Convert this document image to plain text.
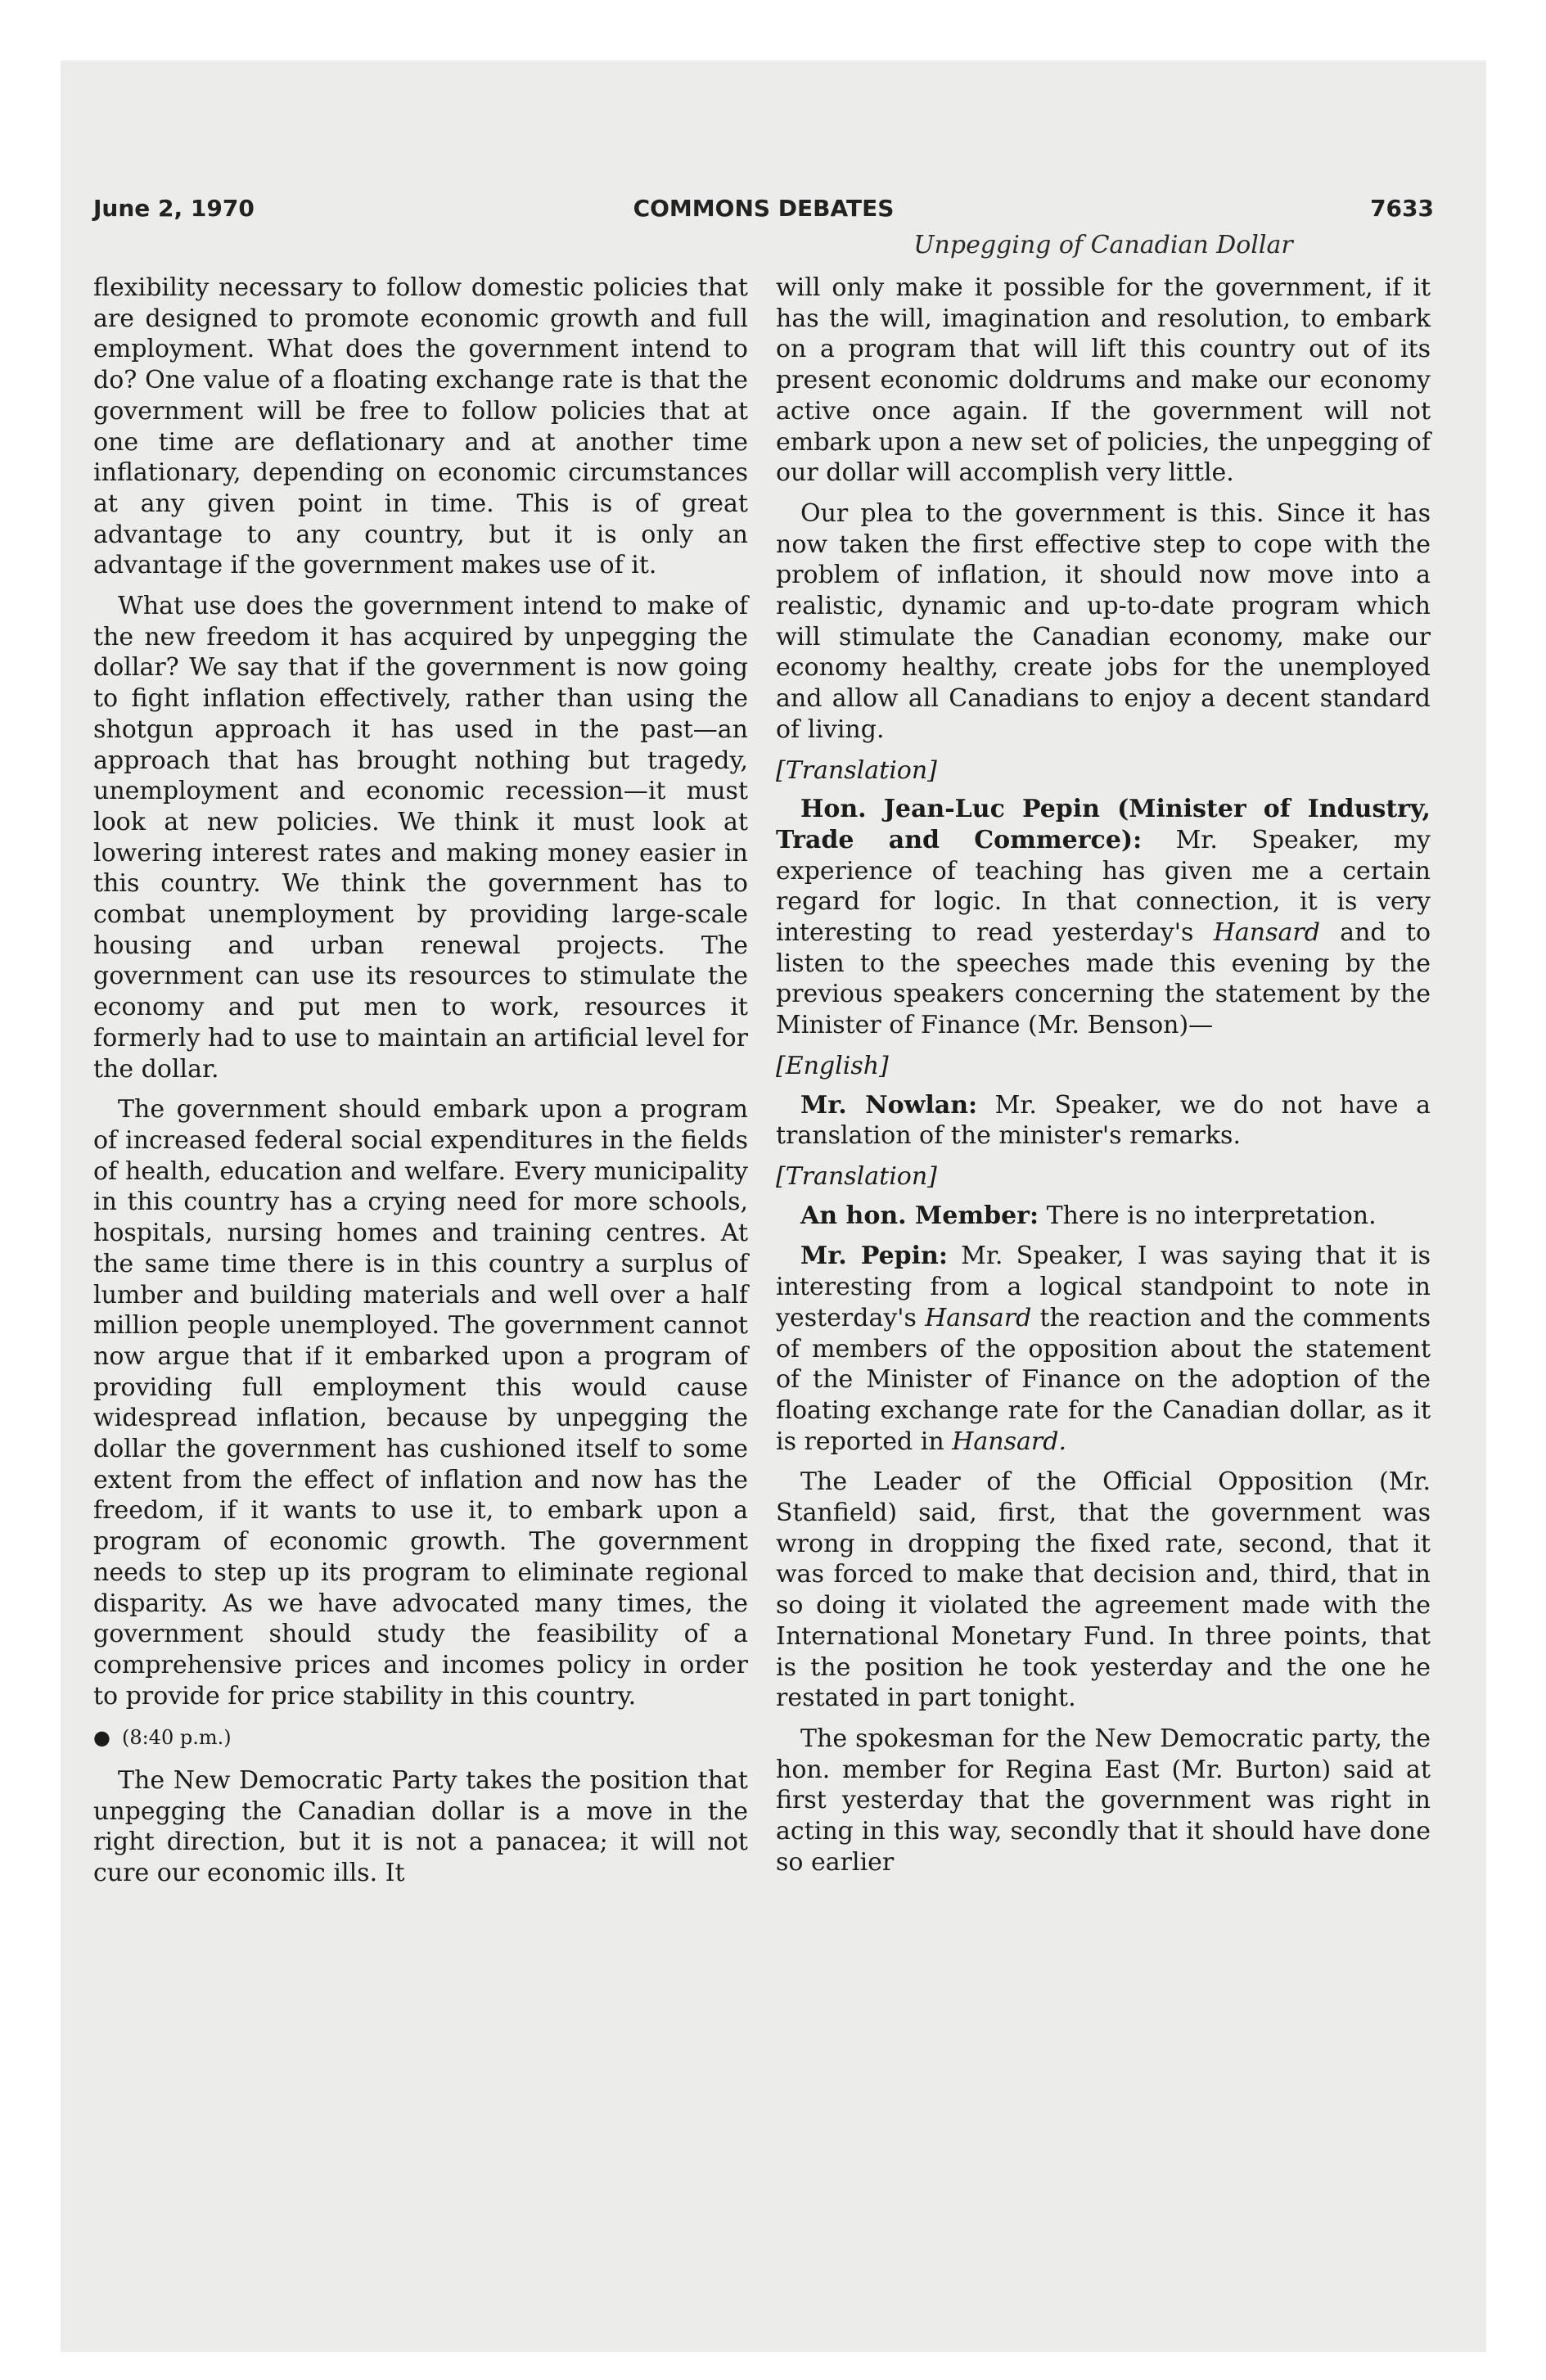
June 2, 1970	COMMONS DEBATES	7633
Unpegging of Canadian Dollar

flexibility necessary to follow domestic policies that are designed to promote economic growth and full employment. What does the government intend to do? One value of a floating exchange rate is that the government will be free to follow policies that at one time are deflationary and at another time inflationary, depending on economic circumstances at any given point in time. This is of great advantage to any country, but it is only an advantage if the government makes use of it.

What use does the government intend to make of the new freedom it has acquired by unpegging the dollar? We say that if the government is now going to fight inflation effectively, rather than using the shotgun approach it has used in the past—an approach that has brought nothing but tragedy, unemployment and economic recession—it must look at new policies. We think it must look at lowering interest rates and making money easier in this country. We think the government has to combat unemployment by providing large-scale housing and urban renewal projects. The government can use its resources to stimulate the economy and put men to work, resources it formerly had to use to maintain an artificial level for the dollar.

The government should embark upon a program of increased federal social expenditures in the fields of health, education and welfare. Every municipality in this country has a crying need for more schools, hospitals, nursing homes and training centres. At the same time there is in this country a surplus of lumber and building materials and well over a half million people unemployed. The government cannot now argue that if it embarked upon a program of providing full employment this would cause widespread inflation, because by unpegging the dollar the government has cushioned itself to some extent from the effect of inflation and now has the freedom, if it wants to use it, to embark upon a program of economic growth. The government needs to step up its program to eliminate regional disparity. As we have advocated many times, the government should study the feasibility of a comprehensive prices and incomes policy in order to provide for price stability in this country.

● (8:40 p.m.)

The New Democratic Party takes the position that unpegging the Canadian dollar is a move in the right direction, but it is not a panacea; it will not cure our economic ills. It

will only make it possible for the government, if it has the will, imagination and resolution, to embark on a program that will lift this country out of its present economic doldrums and make our economy active once again. If the government will not embark upon a new set of policies, the unpegging of our dollar will accomplish very little.

Our plea to the government is this. Since it has now taken the first effective step to cope with the problem of inflation, it should now move into a realistic, dynamic and up-to-date program which will stimulate the Canadian economy, make our economy healthy, create jobs for the unemployed and allow all Canadians to enjoy a decent standard of living.

[Translation]

Hon. Jean-Luc Pepin (Minister of Industry, Trade and Commerce): Mr. Speaker, my experience of teaching has given me a certain regard for logic. In that connection, it is very interesting to read yesterday's Hansard and to listen to the speeches made this evening by the previous speakers concerning the statement by the Minister of Finance (Mr. Benson)—

[English]

Mr. Nowlan: Mr. Speaker, we do not have a translation of the minister's remarks.

[Translation]

An hon. Member: There is no interpretation.

Mr. Pepin: Mr. Speaker, I was saying that it is interesting from a logical standpoint to note in yesterday's Hansard the reaction and the comments of members of the opposition about the statement of the Minister of Finance on the adoption of the floating exchange rate for the Canadian dollar, as it is reported in Hansard.

The Leader of the Official Opposition (Mr. Stanfield) said, first, that the government was wrong in dropping the fixed rate, second, that it was forced to make that decision and, third, that in so doing it violated the agreement made with the International Monetary Fund. In three points, that is the position he took yesterday and the one he restated in part tonight.

The spokesman for the New Democratic party, the hon. member for Regina East (Mr. Burton) said at first yesterday that the government was right in acting in this way, secondly that it should have done so earlier
